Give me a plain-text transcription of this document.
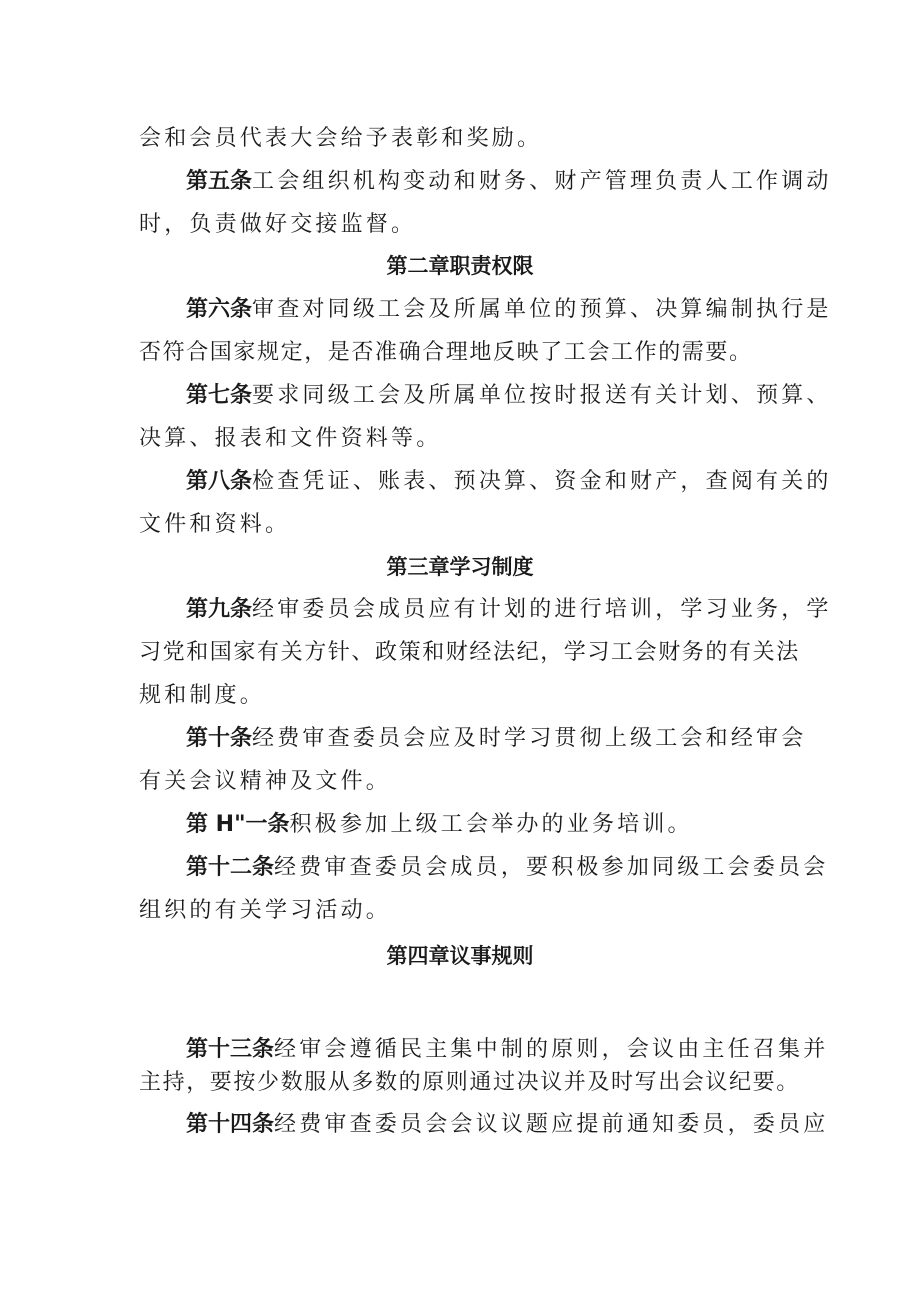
会和会员代表大会给予表彰和奖励。
第五条工会组织机构变动和财务、财产管理负责人工作调动
时，负责做好交接监督。
第二章职责权限
第六条审查对同级工会及所属单位的预算、决算编制执行是
否符合国家规定，是否准确合理地反映了工会工作的需要。
第七条要求同级工会及所属单位按时报送有关计划、预算、
决算、报表和文件资料等。
第八条检查凭证、账表、预决算、资金和财产，查阅有关的
文件和资料。
第三章学习制度
第九条经审委员会成员应有计划的进行培训，学习业务，学
习党和国家有关方针、政策和财经法纪，学习工会财务的有关法
规和制度。
第十条经费审查委员会应及时学习贯彻上级工会和经审会
有关会议精神及文件。
第 H"一条积极参加上级工会举办的业务培训。
第十二条经费审查委员会成员，要积极参加同级工会委员会
组织的有关学习活动。
第四章议事规则
第十三条经审会遵循民主集中制的原则，会议由主任召集并
主持，要按少数服从多数的原则通过决议并及时写出会议纪要。
第十四条经费审查委员会会议议题应提前通知委员，委员应
